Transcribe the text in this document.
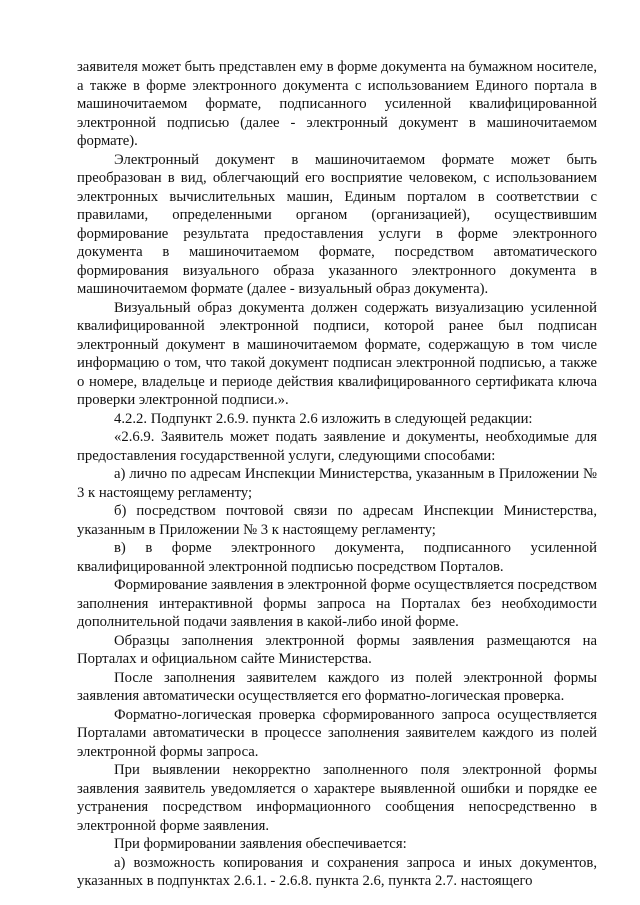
заявителя может быть представлен ему в форме документа на бумажном носителе, а также в форме электронного документа с использованием Единого портала в машиночитаемом формате, подписанного усиленной квалифицированной электронной подписью (далее - электронный документ в машиночитаемом формате).

Электронный документ в машиночитаемом формате может быть преобразован в вид, облегчающий его восприятие человеком, с использованием электронных вычислительных машин, Единым порталом в соответствии с правилами, определенными органом (организацией), осуществившим формирование результата предоставления услуги в форме электронного документа в машиночитаемом формате, посредством автоматического формирования визуального образа указанного электронного документа в машиночитаемом формате (далее - визуальный образ документа).

Визуальный образ документа должен содержать визуализацию усиленной квалифицированной электронной подписи, которой ранее был подписан электронный документ в машиночитаемом формате, содержащую в том числе информацию о том, что такой документ подписан электронной подписью, а также о номере, владельце и периоде действия квалифицированного сертификата ключа проверки электронной подписи.».

4.2.2. Подпункт 2.6.9. пункта 2.6 изложить в следующей редакции:

«2.6.9. Заявитель может подать заявление и документы, необходимые для предоставления государственной услуги, следующими способами:

а) лично по адресам Инспекции Министерства, указанным в Приложении № 3 к настоящему регламенту;

б) посредством почтовой связи по адресам Инспекции Министерства, указанным в Приложении № 3 к настоящему регламенту;

в) в форме электронного документа, подписанного усиленной квалифицированной электронной подписью посредством Порталов.

Формирование заявления в электронной форме осуществляется посредством заполнения интерактивной формы запроса на Порталах без необходимости дополнительной подачи заявления в какой-либо иной форме.

Образцы заполнения электронной формы заявления размещаются на Порталах и официальном сайте Министерства.

После заполнения заявителем каждого из полей электронной формы заявления автоматически осуществляется его форматно-логическая проверка.

Форматно-логическая проверка сформированного запроса осуществляется Порталами автоматически в процессе заполнения заявителем каждого из полей электронной формы запроса.

При выявлении некорректно заполненного поля электронной формы заявления заявитель уведомляется о характере выявленной ошибки и порядке ее устранения посредством информационного сообщения непосредственно в электронной форме заявления.

При формировании заявления обеспечивается:

а) возможность копирования и сохранения запроса и иных документов, указанных в подпунктах 2.6.1. - 2.6.8. пункта 2.6, пункта 2.7. настоящего
